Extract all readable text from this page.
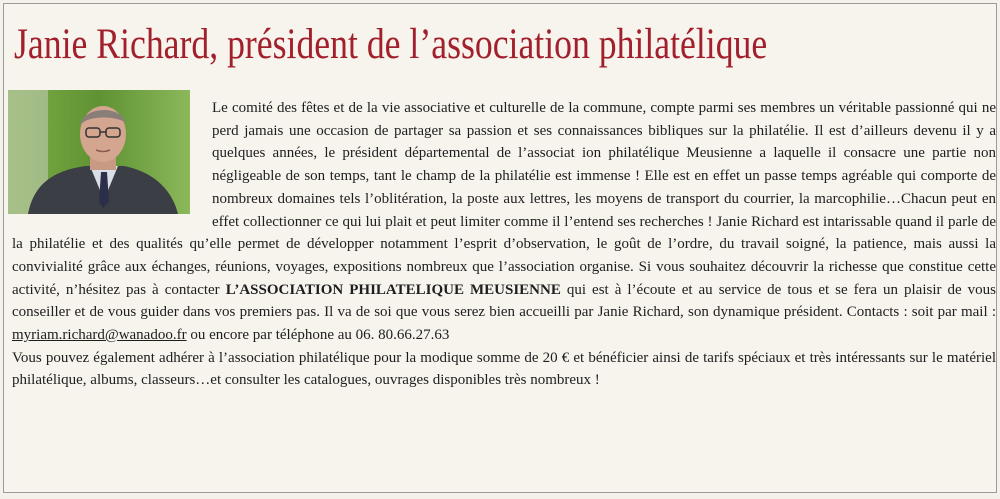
Janie Richard, président de l’association philatélique

Le comité des fêtes et de la vie associative et culturelle de la commune, compte parmi ses membres un véritable passionné qui ne perd jamais une occasion de partager sa passion et ses connaissances bibliques sur la philatélie. Il est d’ailleurs devenu il y a quelques années, le président départemental de l’associat ion philatélique Meusienne a laquelle il consacre une partie non négligeable de son temps, tant le champ de la philatélie est immense ! Elle est en effet un passe temps agréable qui comporte de nombreux domaines tels l’oblitération, la poste aux lettres, les moyens de transport du courrier, la marcophilie…Chacun peut en effet collectionner ce qui lui plait et peut limiter comme il l’entend ses recherches ! Janie Richard est intarissable quand il parle de la philatélie et des qualités qu’elle permet de développer notamment l’esprit d’observation, le goût de l’ordre, du travail soigné, la patience, mais aussi la convivialité grâce aux échanges, réunions, voyages, expositions nombreux que l’association organise. Si vous souhaitez découvrir la richesse que constitue cette activité, n’hésitez pas à contacter L’ASSOCIATION PHILATELIQUE MEUSIENNE qui est à l’écoute et au service de tous et se fera un plaisir de vous conseiller et de vous guider dans vos premiers pas. Il va de soi que vous serez bien accueilli par Janie Richard, son dynamique président. Contacts : soit par mail : myriam.richard@wanadoo.fr ou encore par téléphone au 06. 80.66.27.63

Vous pouvez également adhérer à l’association philatélique pour la modique somme de 20 € et bénéficier ainsi de tarifs spéciaux et très intéressants sur le matériel philatélique, albums, classeurs…et consulter les catalogues, ouvrages disponibles très nombreux !
